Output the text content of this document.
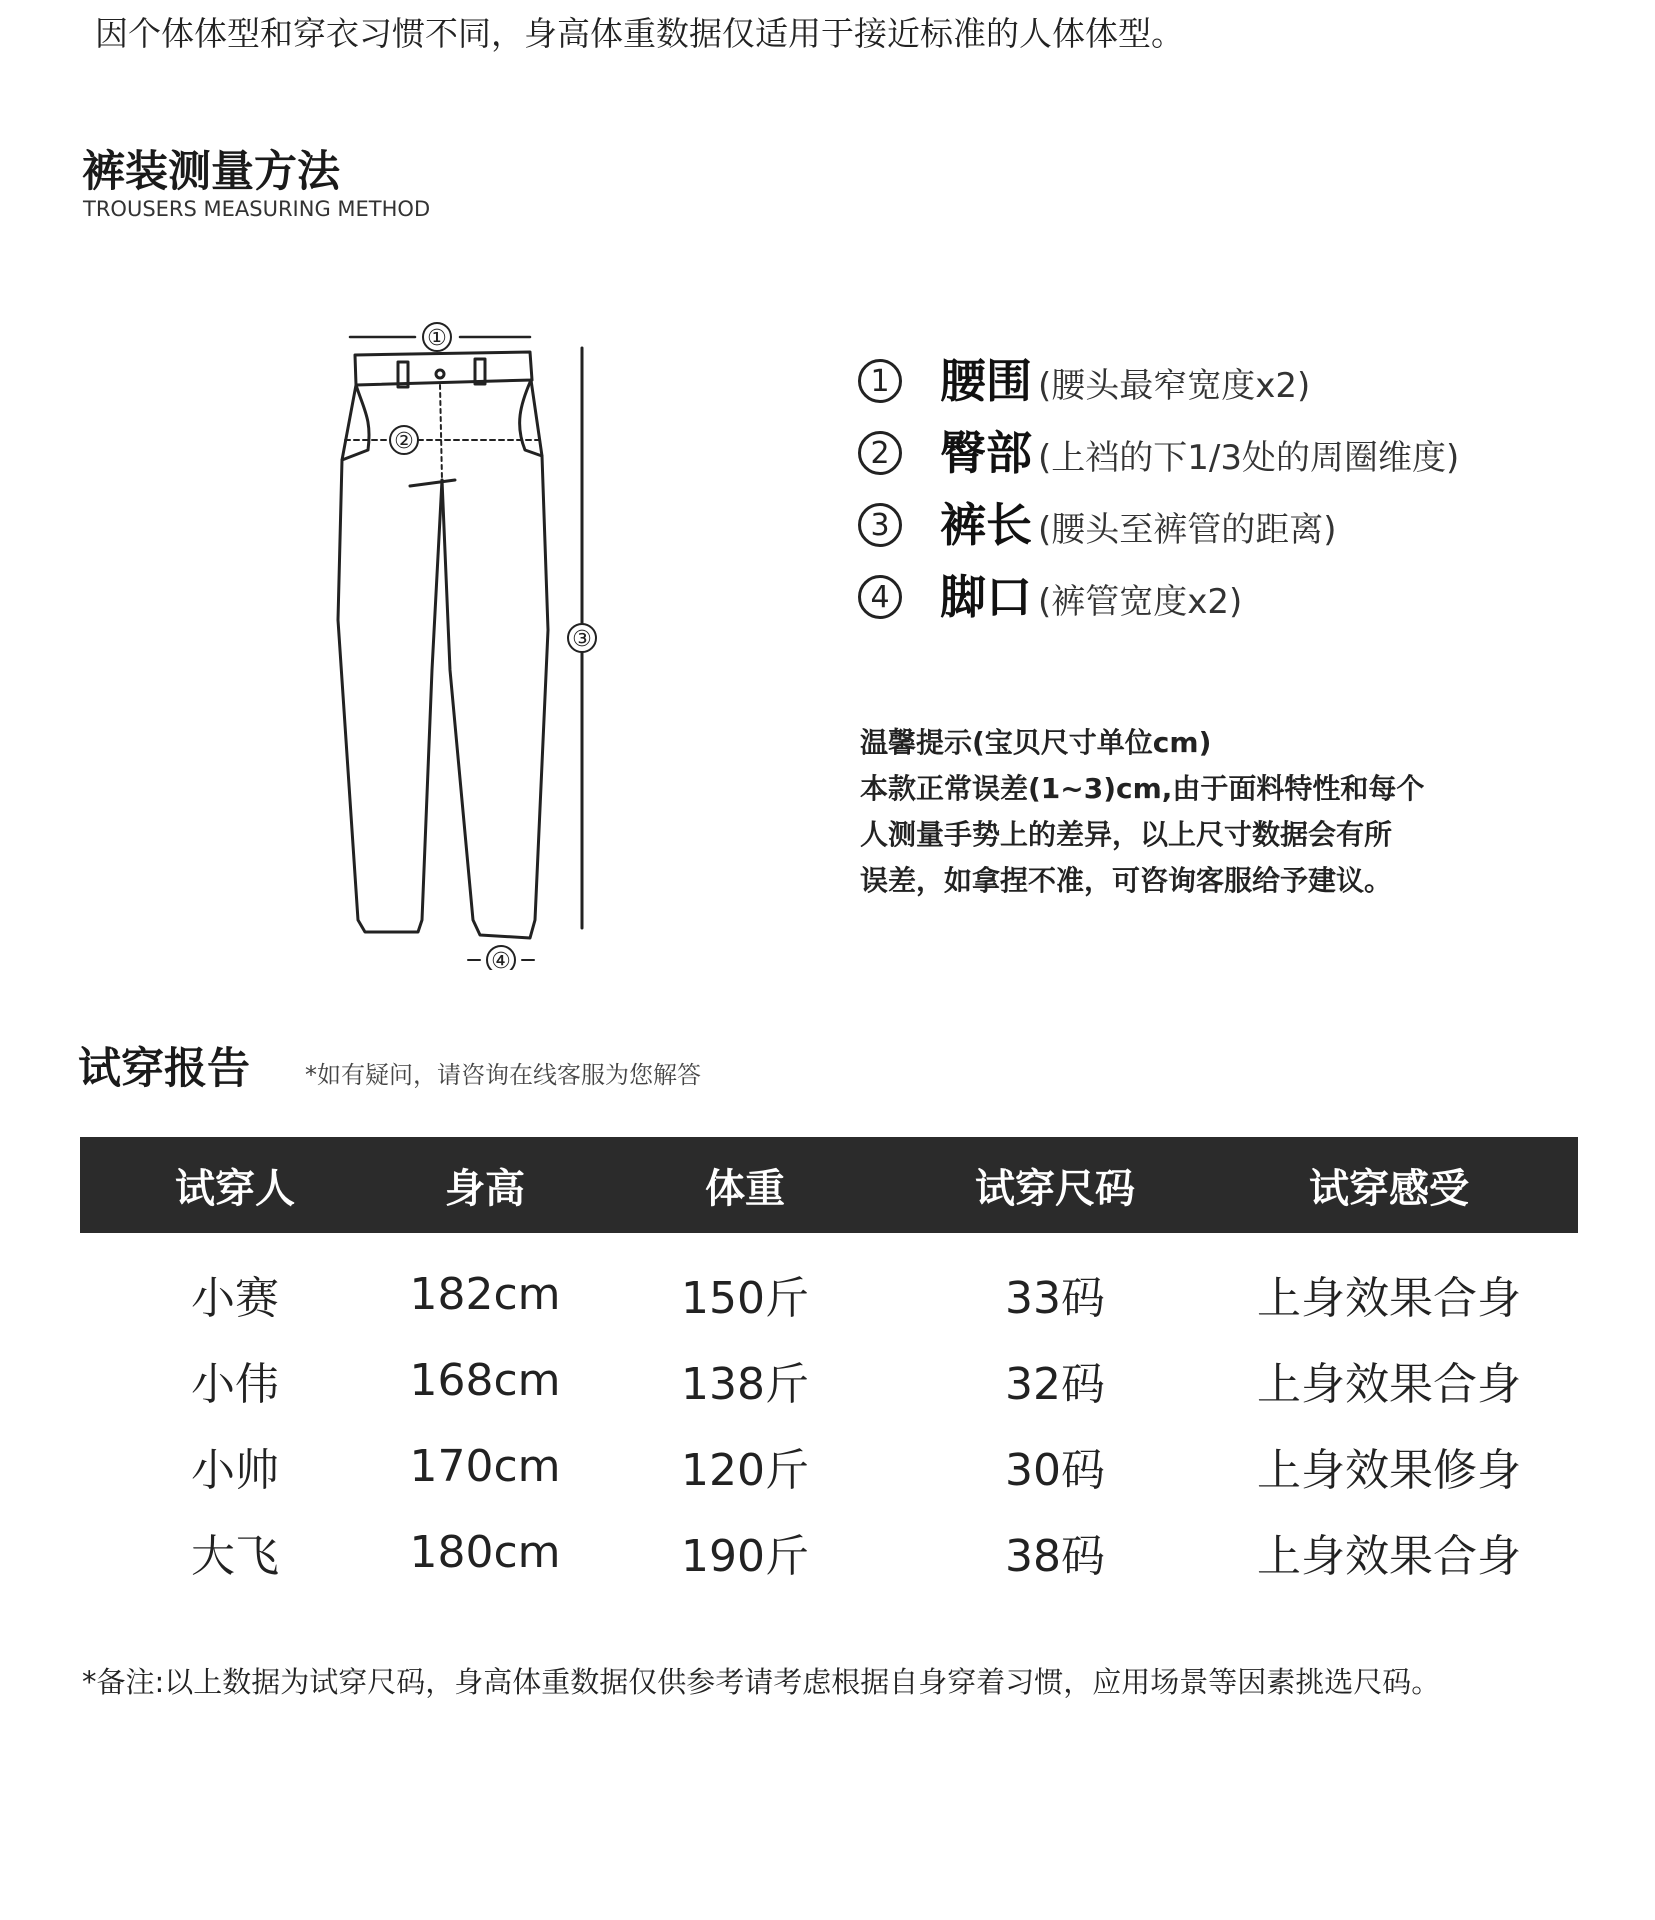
因个体体型和穿衣习惯不同，身高体重数据仅适用于接近标准的人体体型。
裤装测量方法
TROUSERS MEASURING METHOD
①
②
③
④
1 腰围 (腰头最窄宽度x2)
2 臀部 (上裆的下1/3处的周圈维度)
3 裤长 (腰头至裤管的距离)
4 脚口 (裤管宽度x2)
温馨提示(宝贝尺寸单位cm)
本款正常误差(1~3)cm,由于面料特性和每个
人测量手势上的差异，以上尺寸数据会有所
误差，如拿捏不准，可咨询客服给予建议。
试穿报告 *如有疑问，请咨询在线客服为您解答
试穿人	身高	体重	试穿尺码	试穿感受
小赛	182cm	150斤	33码	上身效果合身
小伟	168cm	138斤	32码	上身效果合身
小帅	170cm	120斤	30码	上身效果修身
大飞	180cm	190斤	38码	上身效果合身
*备注:以上数据为试穿尺码，身高体重数据仅供参考请考虑根据自身穿着习惯，应用场景等因素挑选尺码。
